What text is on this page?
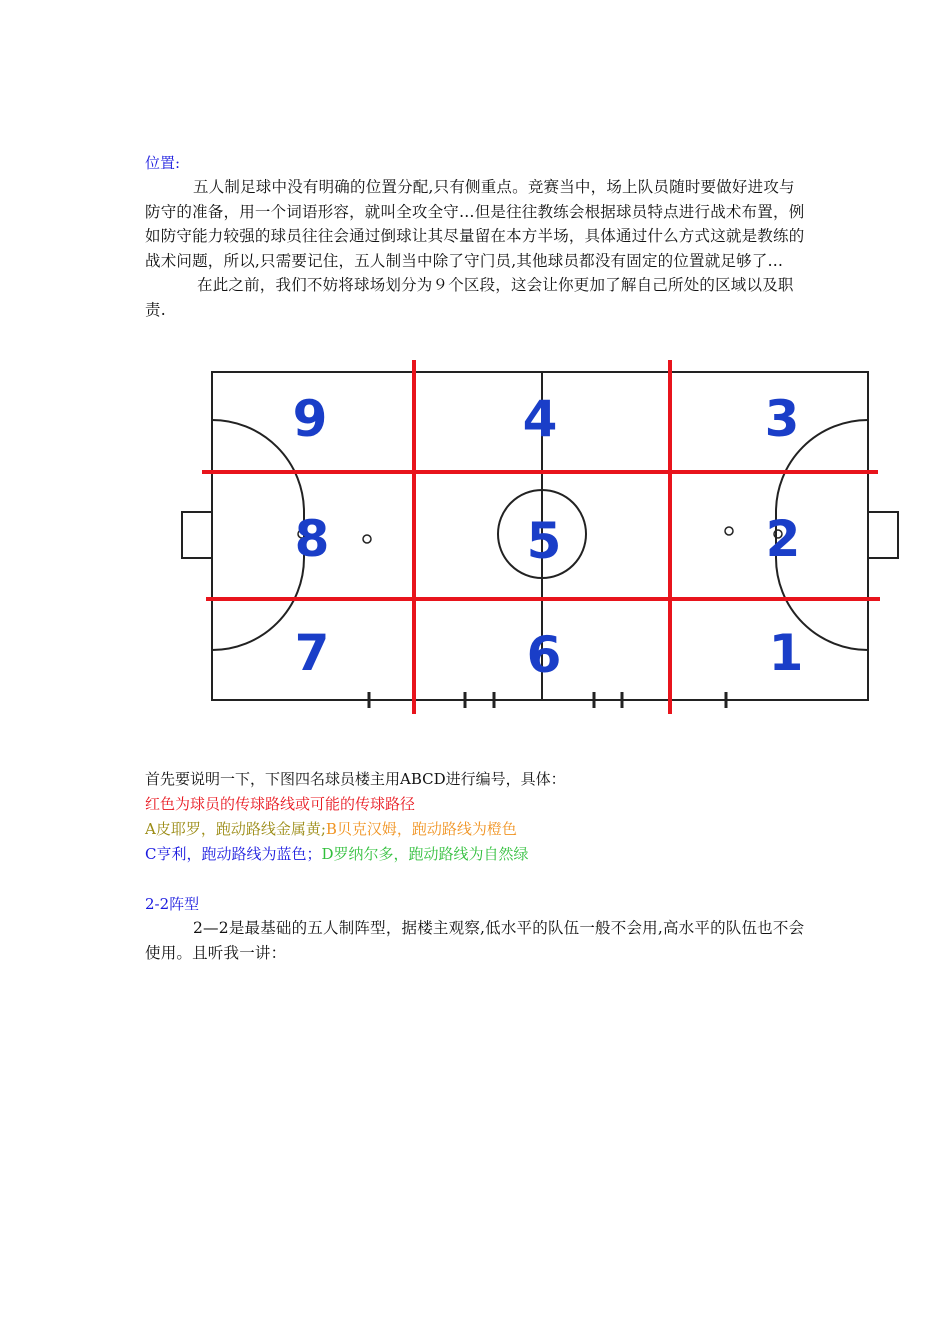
位置:

五人制足球中没有明确的位置分配,只有侧重点。竞赛当中，场上队员随时要做好进攻与防守的准备，用一个词语形容，就叫全攻全守…但是往往教练会根据球员特点进行战术布置，例如防守能力较强的球员往往会通过倒球让其尽量留在本方半场，具体通过什么方式这就是教练的战术问题，所以,只需要记住，五人制当中除了守门员,其他球员都没有固定的位置就足够了…在此之前，我们不妨将球场划分为９个区段，这会让你更加了解自己所处的区域以及职责.

9	4	3
8	5	2
7	6	1

首先要说明一下，下图四名球员楼主用ABCD进行编号，具体：

红色为球员的传球路线或可能的传球路径

A皮耶罗，跑动路线金属黄;B贝克汉姆，跑动路线为橙色

C亨利，跑动路线为蓝色；D罗纳尔多，跑动路线为自然绿

2-2阵型

2—2是最基础的五人制阵型，据楼主观察,低水平的队伍一般不会用,高水平的队伍也不会使用。且听我一讲：
